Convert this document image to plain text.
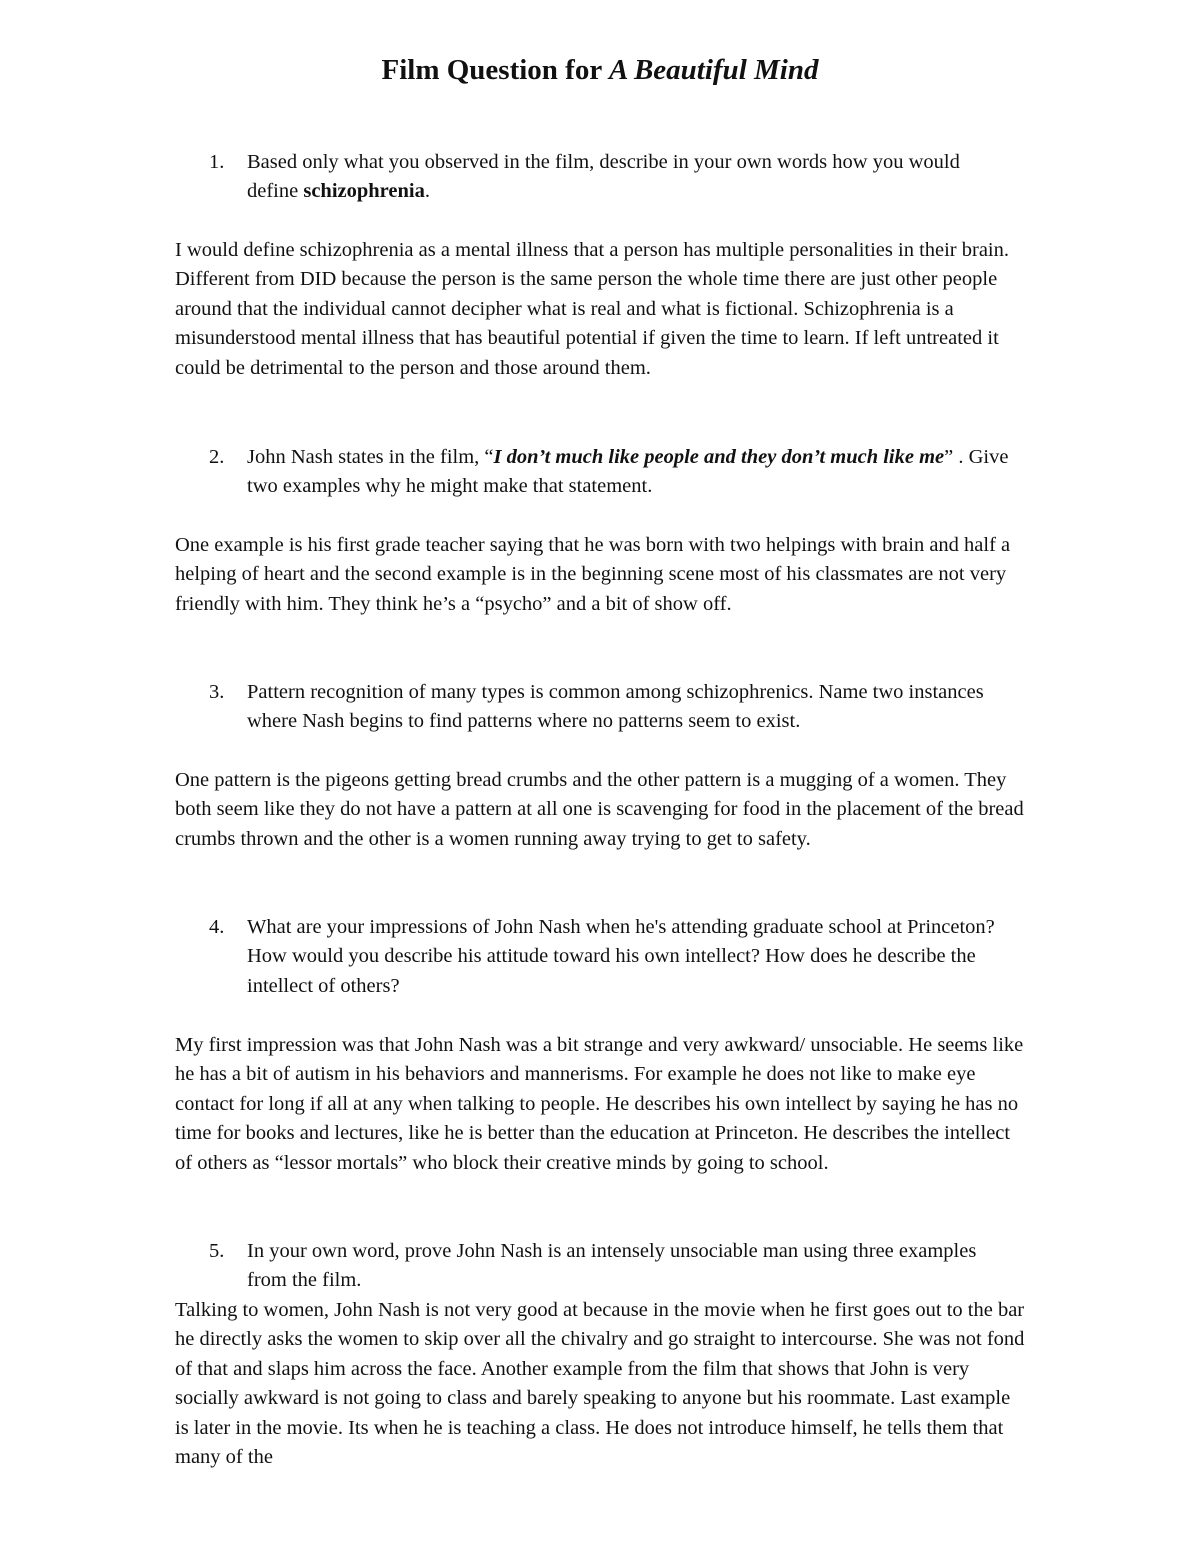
Film Question for A Beautiful Mind
1.	Based only what you observed in the film, describe in your own words how you would define schizophrenia.

I would define schizophrenia as a mental illness that a person has multiple personalities in their brain. Different from DID because the person is the same person the whole time there are just other people around that the individual cannot decipher what is real and what is fictional. Schizophrenia is a misunderstood mental illness that has beautiful potential if given the time to learn. If left untreated it could be detrimental to the person and those around them.

2.	John Nash states in the film, “I don’t much like people and they don’t much like me” . Give two examples why he might make that statement.

One example is his first grade teacher saying that he was born with two helpings with brain and half a helping of heart and the second example is in the beginning scene most of his classmates are not very friendly with him. They think he’s a “psycho” and a bit of show off.

3.	Pattern recognition of many types is common among schizophrenics. Name two instances where Nash begins to find patterns where no patterns seem to exist.

One pattern is the pigeons getting bread crumbs and the other pattern is a mugging of a women. They both seem like they do not have a pattern at all one is scavenging for food in the placement of the bread crumbs thrown and the other is a women running away trying to get to safety.

4.	What are your impressions of John Nash when he's attending graduate school at Princeton? How would you describe his attitude toward his own intellect? How does he describe the intellect of others?

My first impression was that John Nash was a bit strange and very awkward/ unsociable. He seems like he has a bit of autism in his behaviors and mannerisms. For example he does not like to make eye contact for long if all at any when talking to people. He describes his own intellect by saying he has no time for books and lectures, like he is better than the education at Princeton. He describes the intellect of others as “lessor mortals” who block their creative minds by going to school.

5.	In your own word, prove John Nash is an intensely unsociable man using three examples from the film.

Talking to women, John Nash is not very good at because in the movie when he first goes out to the bar he directly asks the women to skip over all the chivalry and go straight to intercourse. She was not fond of that and slaps him across the face. Another example from the film that shows that John is very socially awkward is not going to class and barely speaking to anyone but his roommate. Last example is later in the movie. Its when he is teaching a class. He does not introduce himself, he tells them that many of the
